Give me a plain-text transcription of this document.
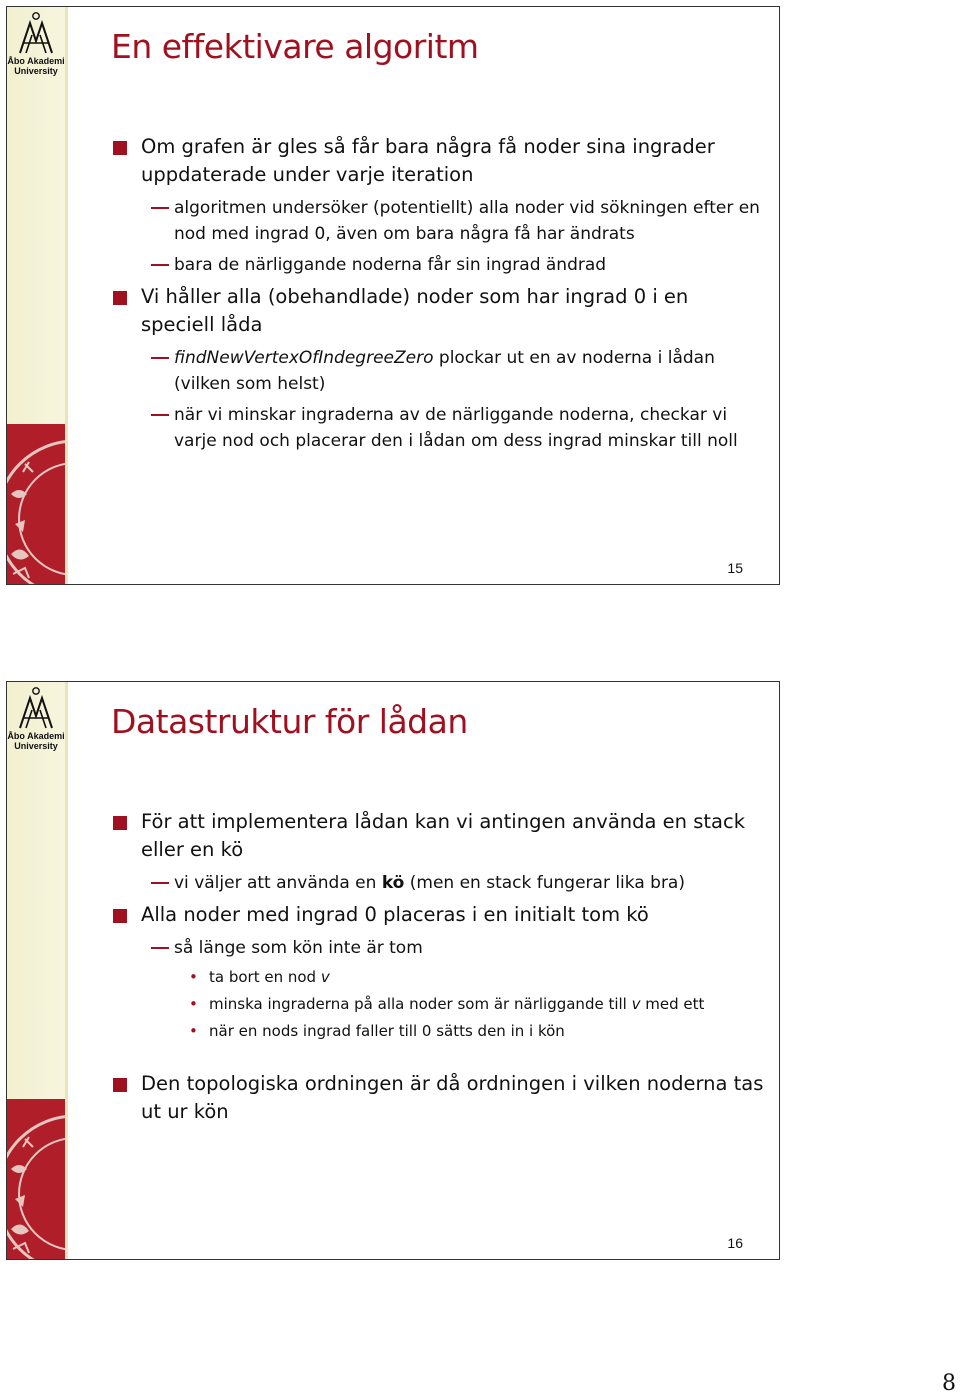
Åbo Akademi
University
En effektivare algoritm
Om grafen är gles så får bara några få noder sina ingrader uppdaterade under varje iteration
algoritmen undersöker (potentiellt) alla noder vid sökningen efter en nod med ingrad 0, även om bara några få har ändrats
bara de närliggande noderna får sin ingrad ändrad
Vi håller alla (obehandlade) noder som har ingrad 0 i en speciell låda
findNewVertexOfIndegreeZero plockar ut en av noderna i lådan (vilken som helst)
när vi minskar ingraderna av de närliggande noderna, checkar vi varje nod och placerar den i lådan om dess ingrad minskar till noll
15
Åbo Akademi
University
Datastruktur för lådan
För att implementera lådan kan vi antingen använda en stack eller en kö
vi väljer att använda en kö (men en stack fungerar lika bra)
Alla noder med ingrad 0 placeras i en initialt tom kö
så länge som kön inte är tom
• ta bort en nod v
• minska ingraderna på alla noder som är närliggande till v med ett
• när en nods ingrad faller till 0 sätts den in i kön
Den topologiska ordningen är då ordningen i vilken noderna tas ut ur kön
16
8
